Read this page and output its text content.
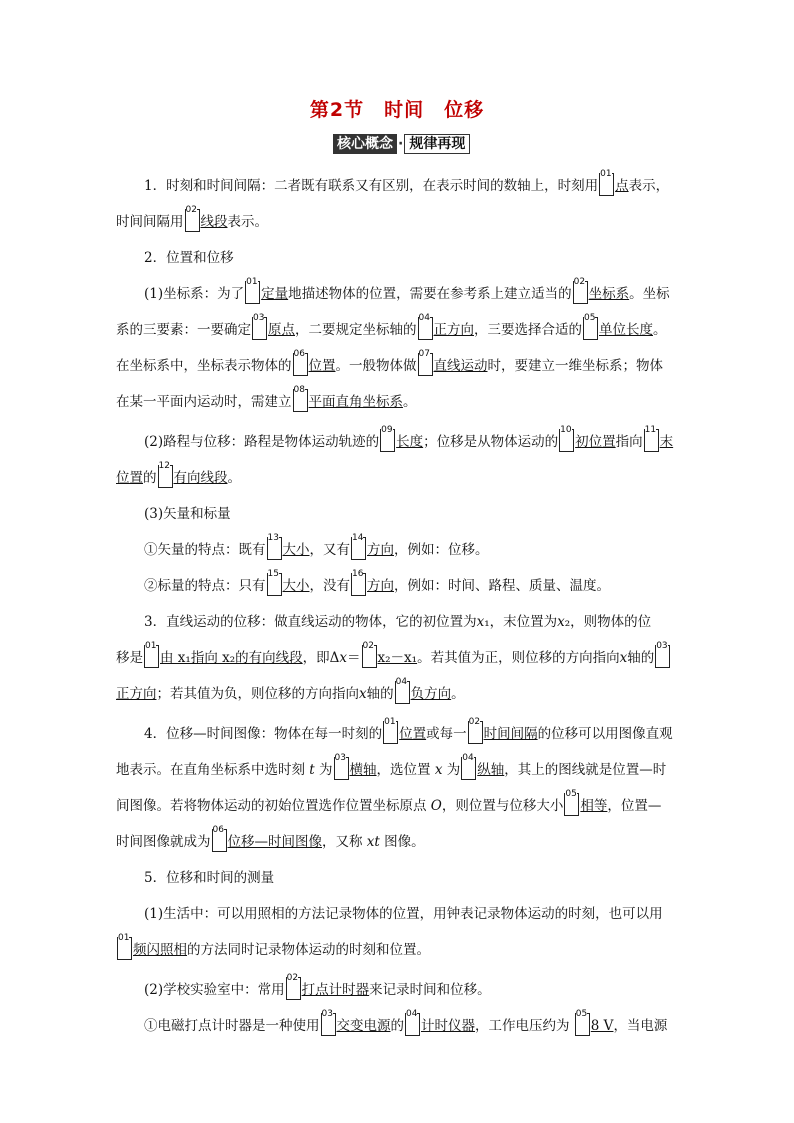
第2节　时间　位移
核心概念 · 规律再现
1．时刻和时间间隔：二者既有联系又有区别，在表示时间的数轴上，时刻用
01
点表示，
时间间隔用
02
线段表示。
2．位置和位移
(1)坐标系：为了
01
定量地描述物体的位置，需要在参考系上建立适当的
02
坐标系。坐标
系的三要素：一要确定
03
原点，二要规定坐标轴的
04
正方向，三要选择合适的
05
单位长度。
在坐标系中，坐标表示物体的
06
位置。一般物体做
07
直线运动时，要建立一维坐标系；物体
在某一平面内运动时，需建立
08
平面直角坐标系。
(2)路程与位移：路程是物体运动轨迹的
09
长度；位移是从物体运动的
10
初位置指向
11
末
位置的
12
有向线段。
(3)矢量和标量
①矢量的特点：既有
13
大小，又有
14
方向，例如：位移。
②标量的特点：只有
15
大小，没有
16
方向，例如：时间、路程、质量、温度。
3．直线运动的位移：做直线运动的物体，它的初位置为x₁，末位置为x₂，则物体的位
移是
01
由 x₁指向 x₂的有向线段，即Δx＝
02
x₂－x₁。若其值为正，则位移的方向指向x轴的
03
正方向；若其值为负，则位移的方向指向x轴的
04
负方向。
4．位移—时间图像：物体在每一时刻的
01
位置或每一
02
时间间隔的位移可以用图像直观
地表示。在直角坐标系中选时刻 t 为
03
横轴，选位置 x 为
04
纵轴，其上的图线就是位置—时
间图像。若将物体运动的初始位置选作位置坐标原点 O，则位置与位移大小
05
相等，位置—
时间图像就成为
06
位移—时间图像，又称 xt 图像。
5．位移和时间的测量
(1)生活中：可以用照相的方法记录物体的位置，用钟表记录物体运动的时刻，也可以用
01
频闪照相的方法同时记录物体运动的时刻和位置。
(2)学校实验室中：常用
02
打点计时器来记录时间和位移。
①电磁打点计时器是一种使用
03
交变电源的
04
计时仪器，工作电压约为
05
8 V，当电源
